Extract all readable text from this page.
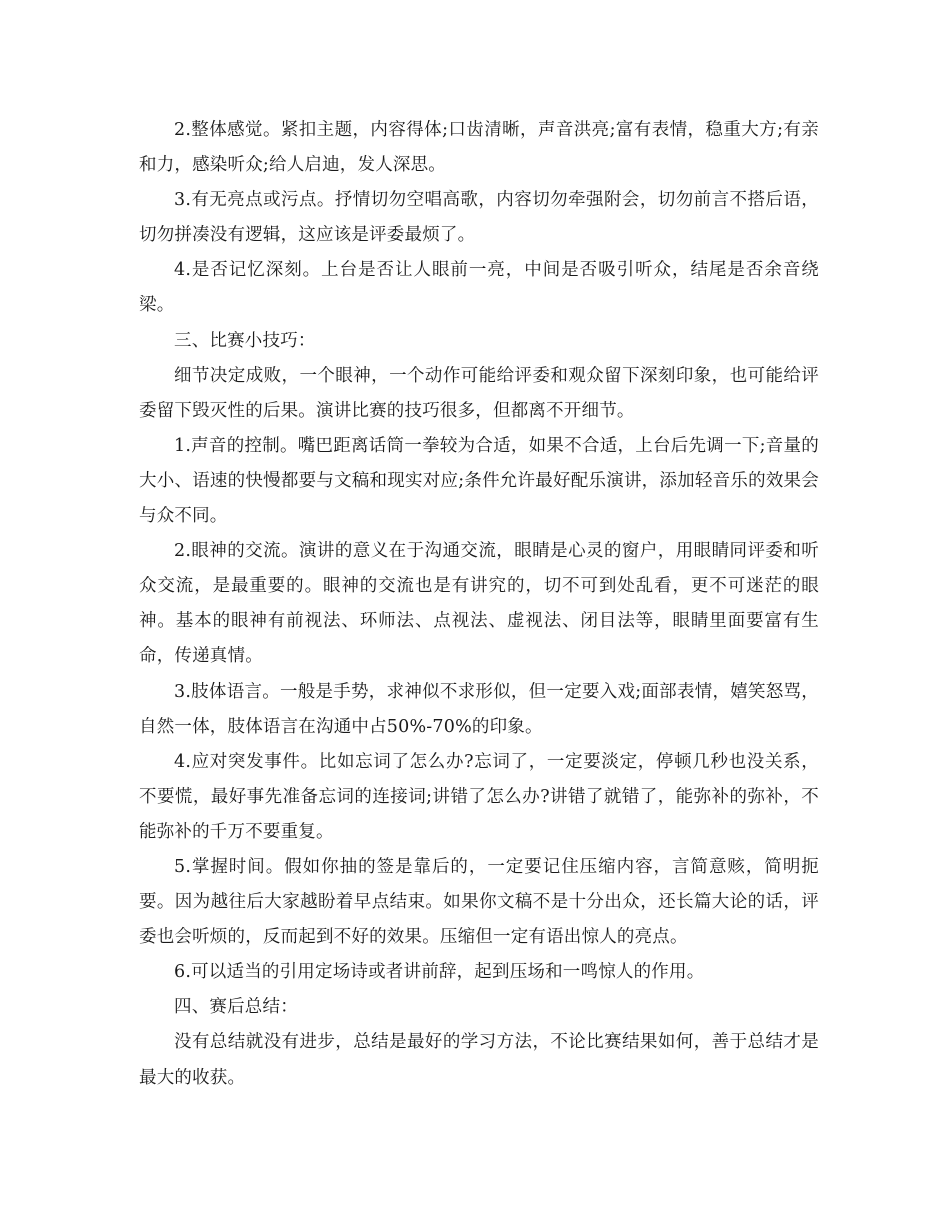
2.整体感觉。紧扣主题，内容得体;口齿清晰，声音洪亮;富有表情，稳重大方;有亲和力，感染听众;给人启迪，发人深思。

3.有无亮点或污点。抒情切勿空唱高歌，内容切勿牵强附会，切勿前言不搭后语，切勿拼凑没有逻辑，这应该是评委最烦了。

4.是否记忆深刻。上台是否让人眼前一亮，中间是否吸引听众，结尾是否余音绕梁。

三、比赛小技巧：

细节决定成败，一个眼神，一个动作可能给评委和观众留下深刻印象，也可能给评委留下毁灭性的后果。演讲比赛的技巧很多，但都离不开细节。

1.声音的控制。嘴巴距离话筒一拳较为合适，如果不合适，上台后先调一下;音量的大小、语速的快慢都要与文稿和现实对应;条件允许最好配乐演讲，添加轻音乐的效果会与众不同。

2.眼神的交流。演讲的意义在于沟通交流，眼睛是心灵的窗户，用眼睛同评委和听众交流，是最重要的。眼神的交流也是有讲究的，切不可到处乱看，更不可迷茫的眼神。基本的眼神有前视法、环师法、点视法、虚视法、闭目法等，眼睛里面要富有生命，传递真情。

3.肢体语言。一般是手势，求神似不求形似，但一定要入戏;面部表情，嬉笑怒骂，自然一体，肢体语言在沟通中占50%-70%的印象。

4.应对突发事件。比如忘词了怎么办?忘词了，一定要淡定，停顿几秒也没关系，不要慌，最好事先准备忘词的连接词;讲错了怎么办?讲错了就错了，能弥补的弥补，不能弥补的千万不要重复。

5.掌握时间。假如你抽的签是靠后的，一定要记住压缩内容，言简意赅，简明扼要。因为越往后大家越盼着早点结束。如果你文稿不是十分出众，还长篇大论的话，评委也会听烦的，反而起到不好的效果。压缩但一定有语出惊人的亮点。

6.可以适当的引用定场诗或者讲前辞，起到压场和一鸣惊人的作用。

四、赛后总结：

没有总结就没有进步，总结是最好的学习方法，不论比赛结果如何，善于总结才是最大的收获。
